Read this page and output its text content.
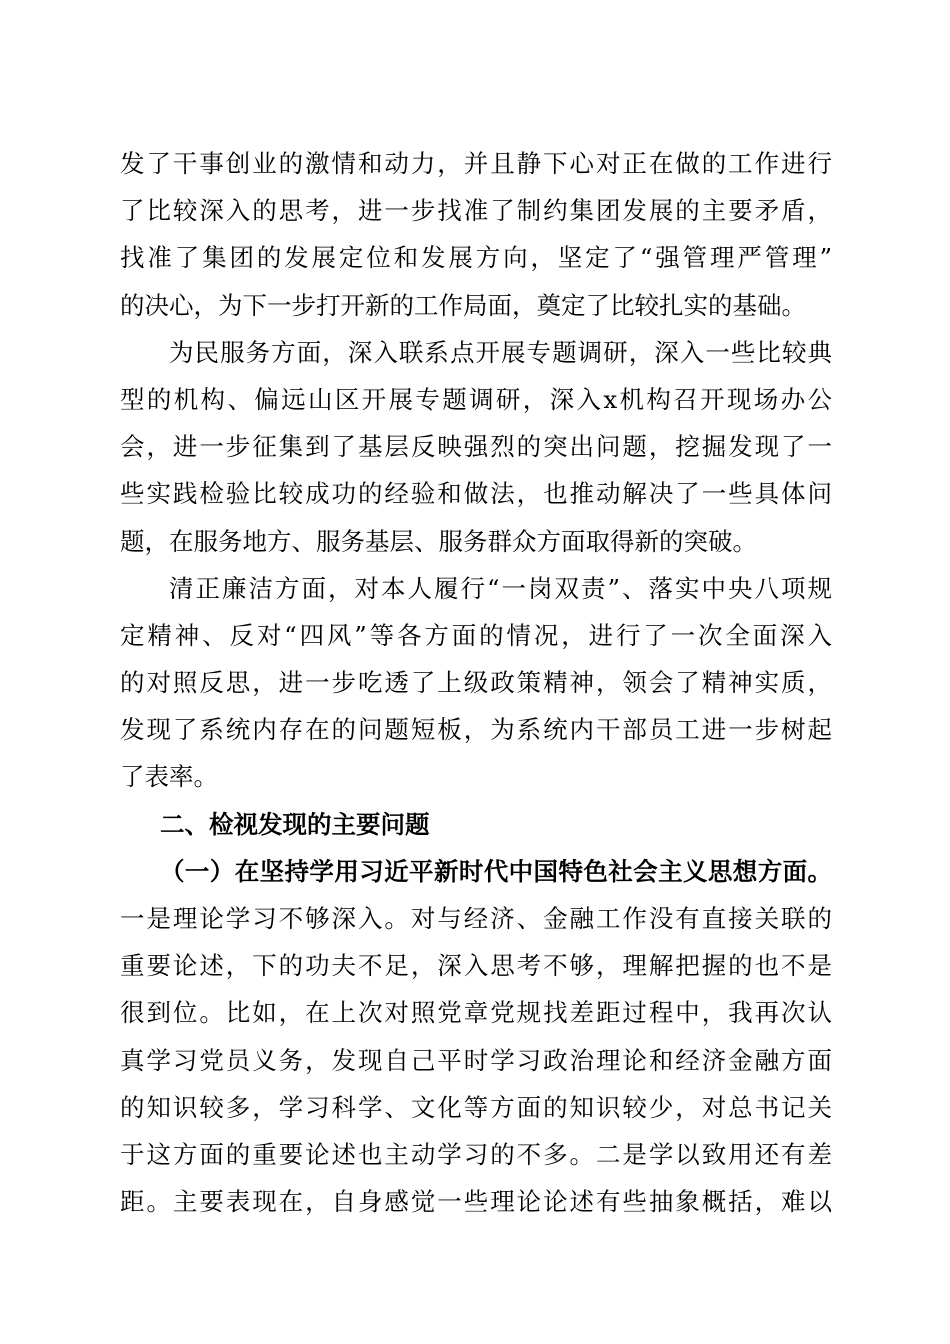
发了干事创业的激情和动力，并且静下心对正在做的工作进行
了比较深入的思考，进一步找准了制约集团发展的主要矛盾，
找准了集团的发展定位和发展方向，坚定了“强管理严管理”
的决心，为下一步打开新的工作局面，奠定了比较扎实的基础。
为民服务方面，深入联系点开展专题调研，深入一些比较典
型的机构、偏远山区开展专题调研，深入x机构召开现场办公
会，进一步征集到了基层反映强烈的突出问题，挖掘发现了一
些实践检验比较成功的经验和做法，也推动解决了一些具体问
题，在服务地方、服务基层、服务群众方面取得新的突破。
清正廉洁方面，对本人履行“一岗双责”、落实中央八项规
定精神、反对“四风”等各方面的情况，进行了一次全面深入
的对照反思，进一步吃透了上级政策精神，领会了精神实质，
发现了系统内存在的问题短板，为系统内干部员工进一步树起
了表率。
二、检视发现的主要问题
（一）在坚持学用习近平新时代中国特色社会主义思想方面。
一是理论学习不够深入。对与经济、金融工作没有直接关联的
重要论述，下的功夫不足，深入思考不够，理解把握的也不是
很到位。比如，在上次对照党章党规找差距过程中，我再次认
真学习党员义务，发现自己平时学习政治理论和经济金融方面
的知识较多，学习科学、文化等方面的知识较少，对总书记关
于这方面的重要论述也主动学习的不多。二是学以致用还有差
距。主要表现在，自身感觉一些理论论述有些抽象概括，难以
